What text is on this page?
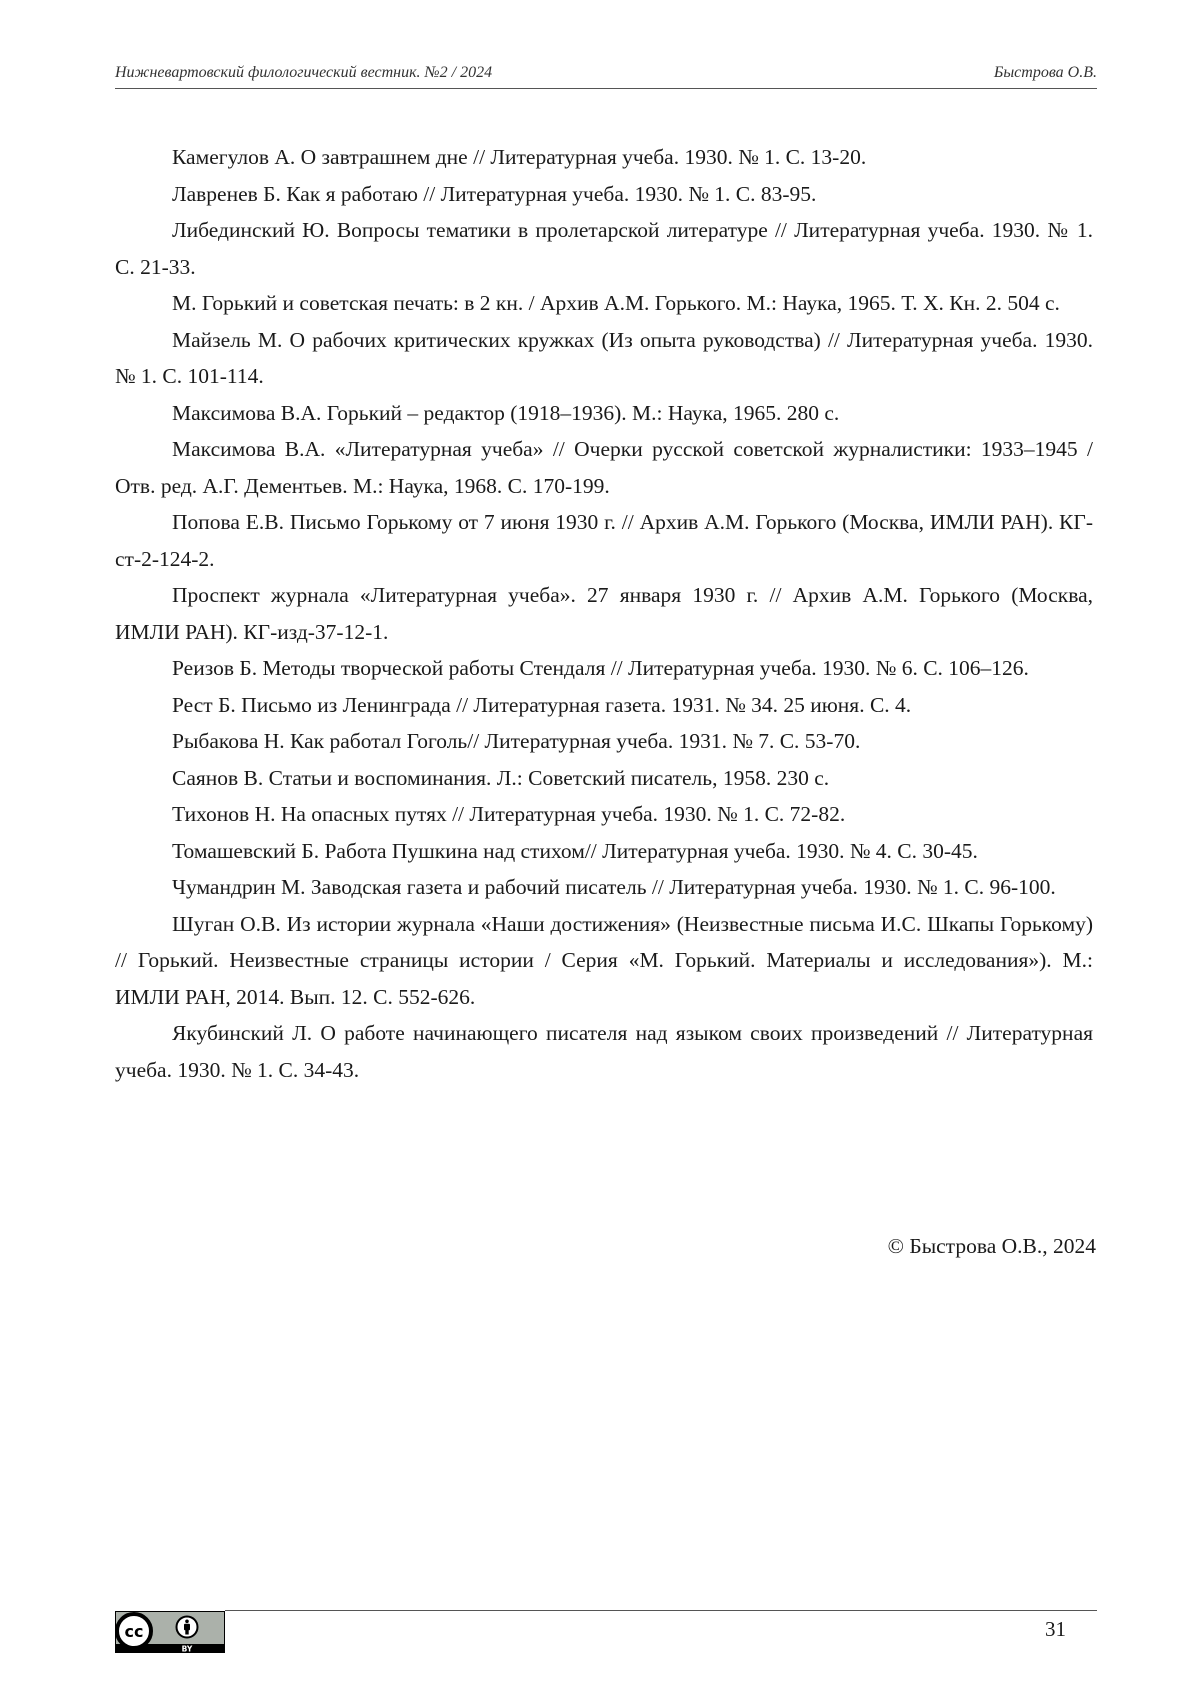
Нижневартовский филологический вестник. №2 / 2024	Быстрова О.В.

Камегулов А. О завтрашнем дне // Литературная учеба. 1930. № 1. С. 13-20.

Лавренев Б. Как я работаю // Литературная учеба. 1930. № 1. С. 83-95.

Либединский Ю. Вопросы тематики в пролетарской литературе // Литературная учеба. 1930. № 1. С. 21-33.

М. Горький и советская печать: в 2 кн. / Архив А.М. Горького. М.: Наука, 1965. Т. X. Кн. 2. 504 с.

Майзель М. О рабочих критических кружках (Из опыта руководства) // Литературная учеба. 1930. № 1. С. 101-114.

Максимова В.А. Горький – редактор (1918–1936). М.: Наука, 1965. 280 с.

Максимова В.А. «Литературная учеба» // Очерки русской советской журналистики: 1933–1945 / Отв. ред. А.Г. Дементьев. М.: Наука, 1968. С. 170-199.

Попова Е.В. Письмо Горькому от 7 июня 1930 г. // Архив А.М. Горького (Москва, ИМЛИ РАН). КГ-ст-2-124-2.

Проспект журнала «Литературная учеба». 27 января 1930 г. // Архив А.М. Горького (Москва, ИМЛИ РАН). КГ-изд-37-12-1.

Реизов Б. Методы творческой работы Стендаля // Литературная учеба. 1930. № 6. С. 106–126.

Рест Б. Письмо из Ленинграда // Литературная газета. 1931. № 34. 25 июня. С. 4.

Рыбакова Н. Как работал Гоголь// Литературная учеба. 1931. № 7. С. 53-70.

Саянов В. Статьи и воспоминания. Л.: Советский писатель, 1958. 230 с.

Тихонов Н. На опасных путях // Литературная учеба. 1930. № 1. С. 72-82.

Томашевский Б. Работа Пушкина над стихом// Литературная учеба. 1930. № 4. С. 30-45.

Чумандрин М. Заводская газета и рабочий писатель // Литературная учеба. 1930. № 1. С. 96-100.

Шуган О.В. Из истории журнала «Наши достижения» (Неизвестные письма И.С. Шкапы Горькому) // Горький. Неизвестные страницы истории / Серия «М. Горький. Материалы и исследования»). М.: ИМЛИ РАН, 2014. Вып. 12. С. 552-626.

Якубинский Л. О работе начинающего писателя над языком своих произведений // Литературная учеба. 1930. № 1. С. 34-43.

© Быстрова О.В., 2024
cc
BY
31
